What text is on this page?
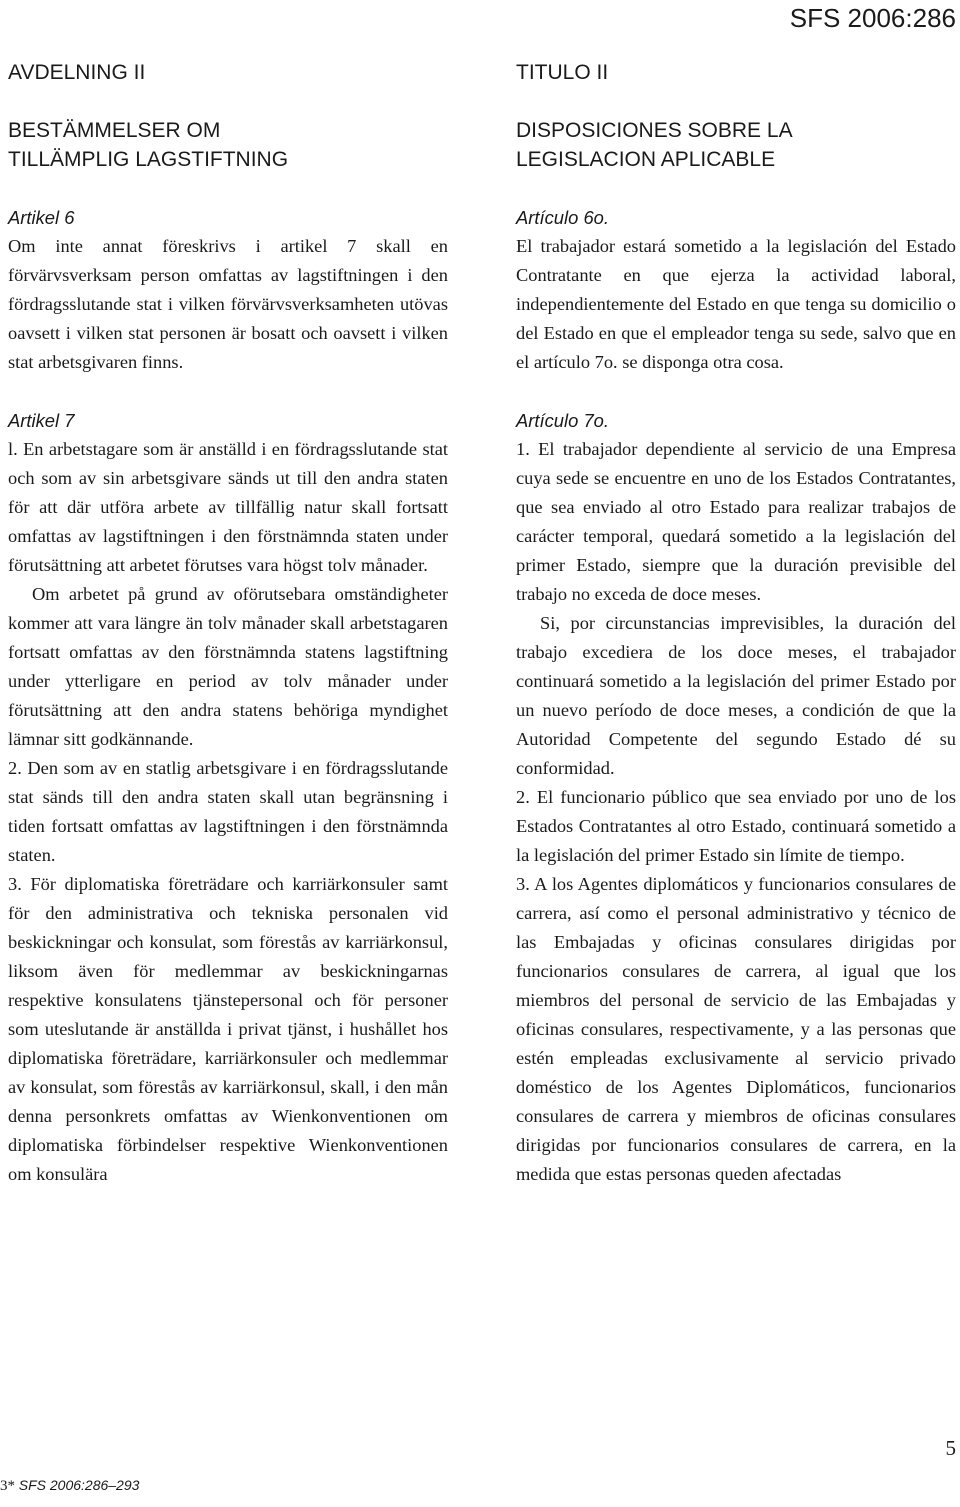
SFS 2006:286
AVDELNING II
BESTÄMMELSER OM
TILLÄMPLIG LAGSTIFTNING
Artikel 6

Om inte annat föreskrivs i artikel 7 skall en förvärvsverksam person omfattas av lagstiftningen i den fördragsslutande stat i vilken förvärvsverksamheten utövas oavsett i vilken stat personen är bosatt och oavsett i vilken stat arbetsgivaren finns.

Artikel 7

l. En arbetstagare som är anställd i en fördragsslutande stat och som av sin arbetsgivare sänds ut till den andra staten för att där utföra arbete av tillfällig natur skall fortsatt omfattas av lagstiftningen i den förstnämnda staten under förutsättning att arbetet förutses vara högst tolv månader.

Om arbetet på grund av oförutsebara omständigheter kommer att vara längre än tolv månader skall arbetstagaren fortsatt omfattas av den förstnämnda statens lagstiftning under ytterligare en period av tolv månader under förutsättning att den andra statens behöriga myndighet lämnar sitt godkännande.

2. Den som av en statlig arbetsgivare i en fördragsslutande stat sänds till den andra staten skall utan begränsning i tiden fortsatt omfattas av lagstiftningen i den förstnämnda staten.

3. För diplomatiska företrädare och karriärkonsuler samt för den administrativa och tekniska personalen vid beskickningar och konsulat, som förestås av karriärkonsul, liksom även för medlemmar av beskickningarnas respektive konsulatens tjänstepersonal och för personer som uteslutande är anställda i privat tjänst, i hushållet hos diplomatiska företrädare, karriärkonsuler och medlemmar av konsulat, som förestås av karriärkonsul, skall, i den mån denna personkrets omfattas av Wienkonventionen om diplomatiska förbindelser respektive Wienkonventionen om konsulära

TITULO II
DISPOSICIONES SOBRE LA
LEGISLACION APLICABLE
Artículo 6o.

El trabajador estará sometido a la legislación del Estado Contratante en que ejerza la actividad laboral, independientemente del Estado en que tenga su domicilio o del Estado en que el empleador tenga su sede, salvo que en el artículo 7o. se disponga otra cosa.

Artículo 7o.

1. El trabajador dependiente al servicio de una Empresa cuya sede se encuentre en uno de los Estados Contratantes, que sea enviado al otro Estado para realizar trabajos de carácter temporal, quedará sometido a la legislación del primer Estado, siempre que la duración previsible del trabajo no exceda de doce meses.

Si, por circunstancias imprevisibles, la duración del trabajo excediera de los doce meses, el trabajador continuará sometido a la legislación del primer Estado por un nuevo período de doce meses, a condición de que la Autoridad Competente del segundo Estado dé su conformidad.

2. El funcionario público que sea enviado por uno de los Estados Contratantes al otro Estado, continuará sometido a la legislación del primer Estado sin límite de tiempo.

3. A los Agentes diplomáticos y funcionarios consulares de carrera, así como el personal administrativo y técnico de las Embajadas y oficinas consulares dirigidas por funcionarios consulares de carrera, al igual que los miembros del personal de servicio de las Embajadas y oficinas consulares, respectivamente, y a las personas que estén empleadas exclusivamente al servicio privado doméstico de los Agentes Diplomáticos, funcionarios consulares de carrera y miembros de oficinas consulares dirigidas por funcionarios consulares de carrera, en la medida que estas personas queden afectadas

5
3* SFS 2006:286–293
